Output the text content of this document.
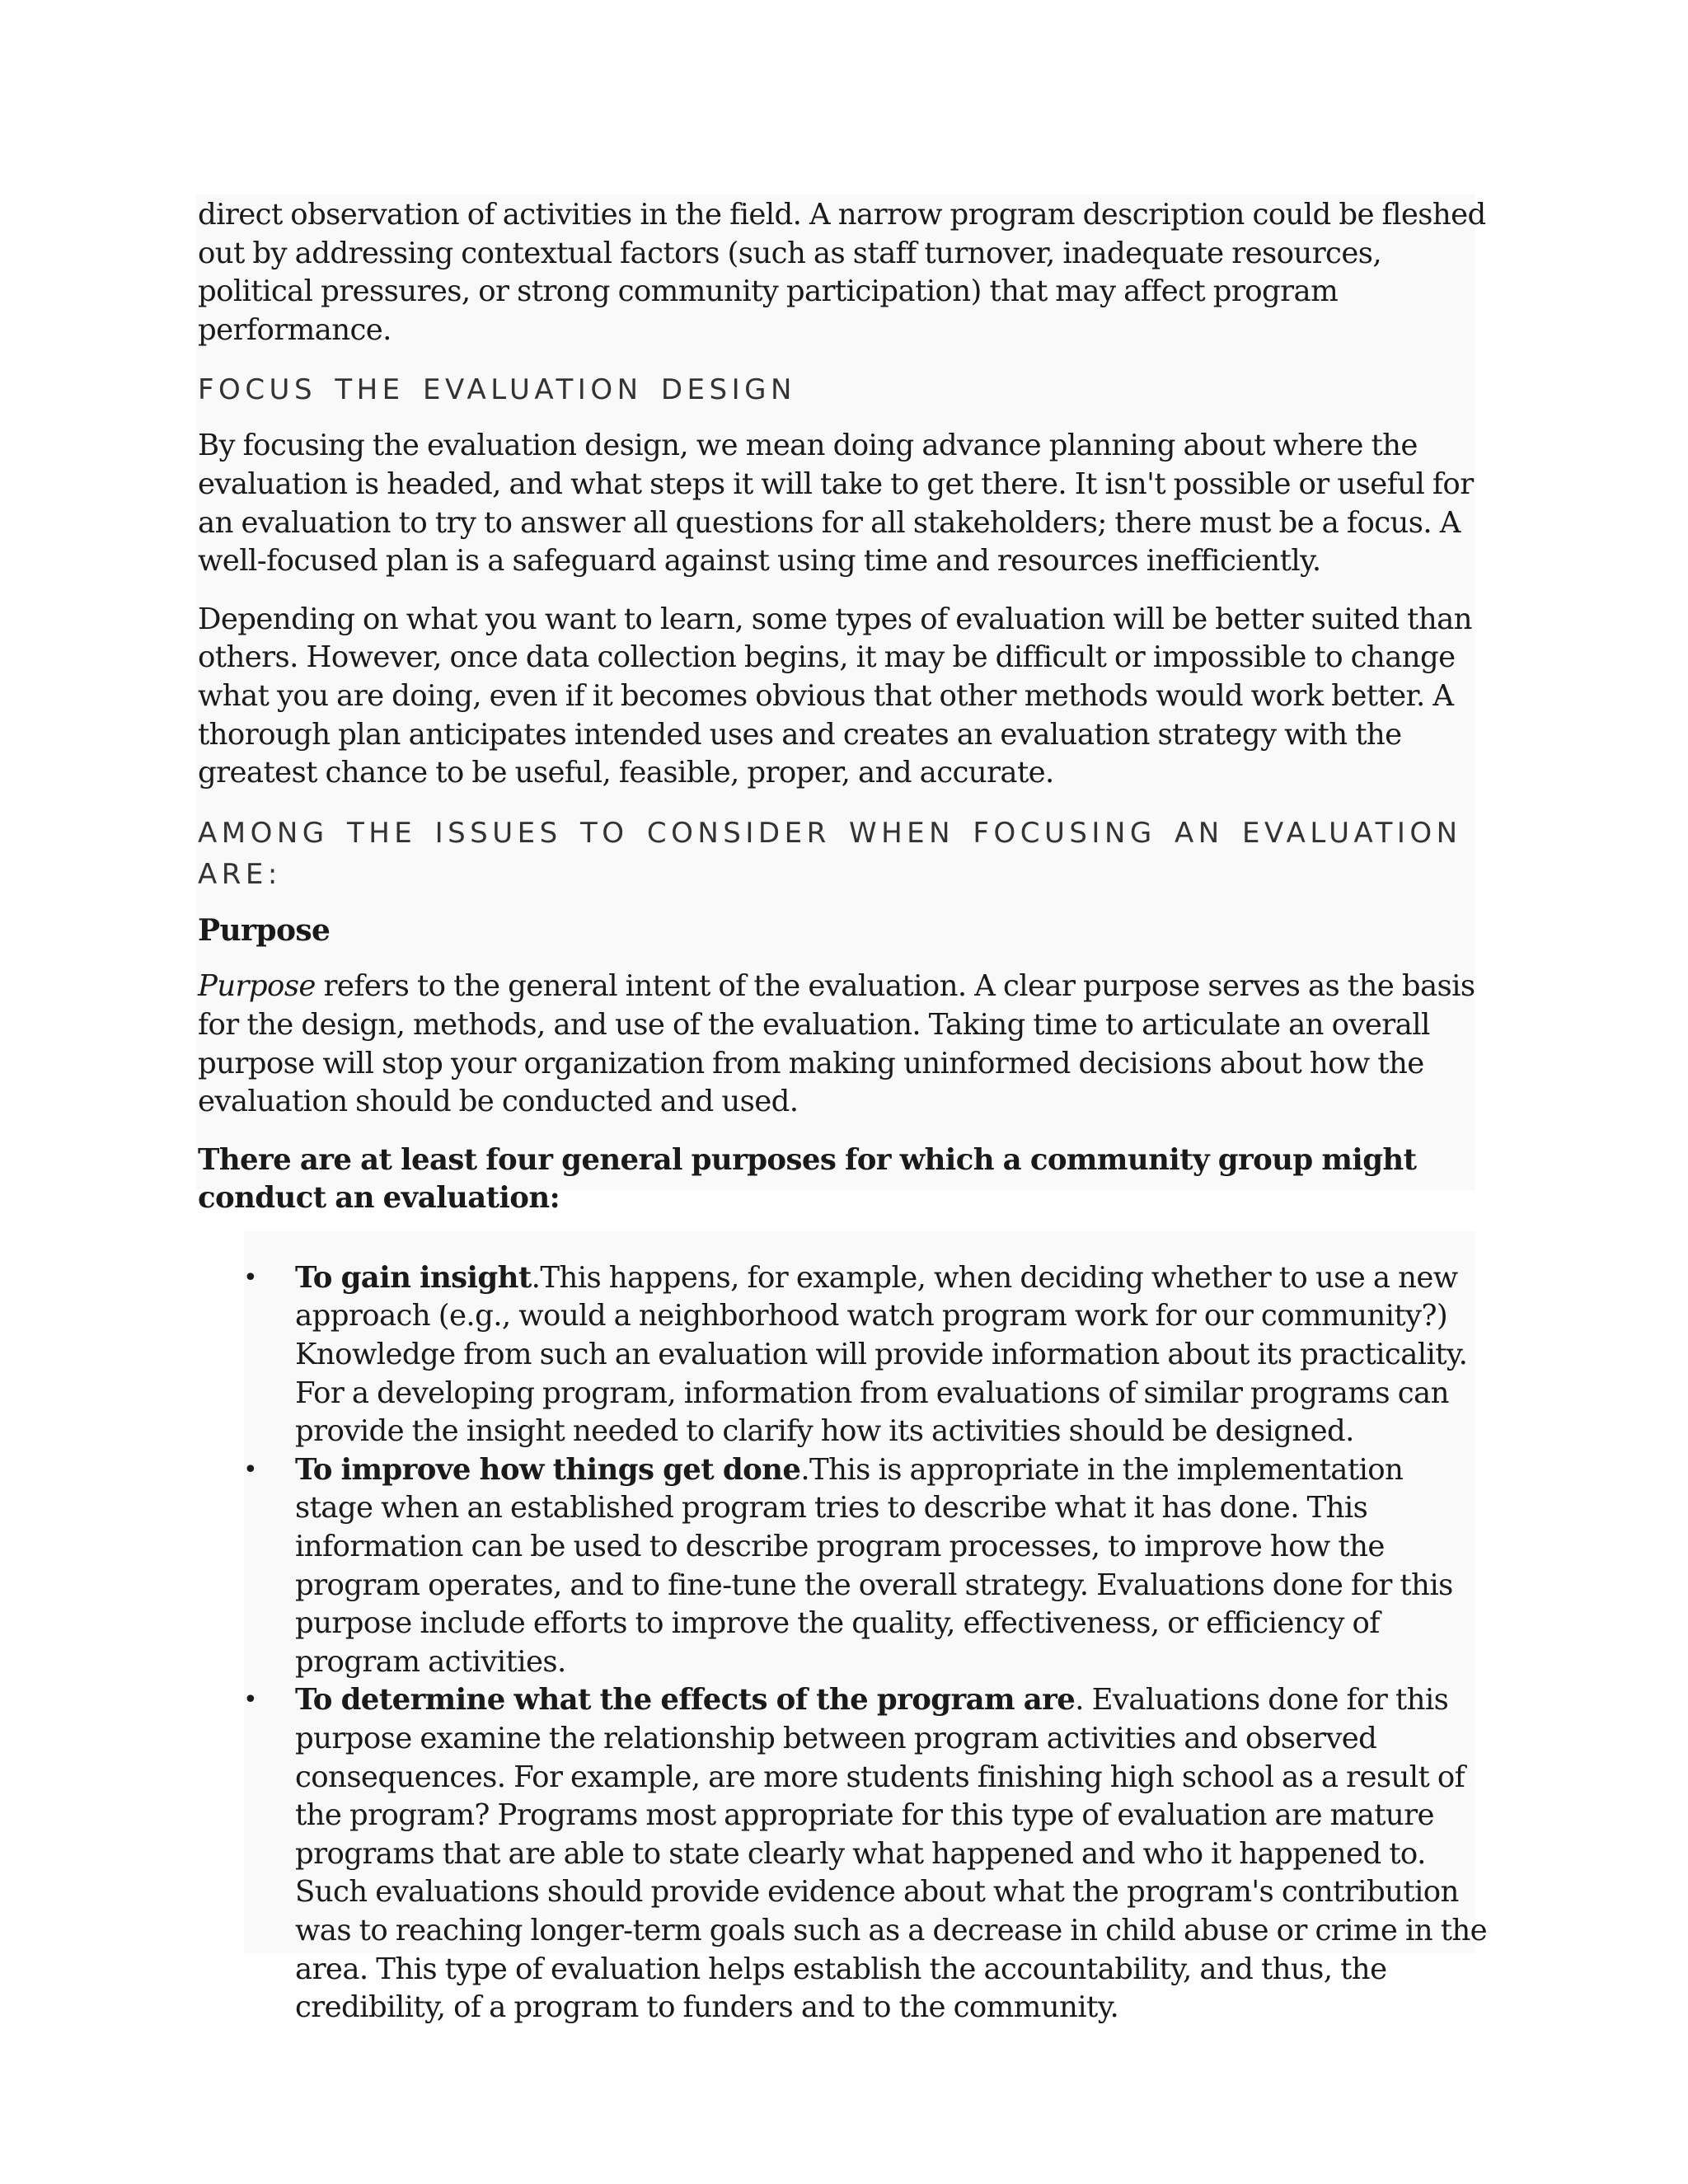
direct observation of activities in the field. A narrow program description could be fleshed out by addressing contextual factors (such as staff turnover, inadequate resources, political pressures, or strong community participation) that may affect program performance.

FOCUS THE EVALUATION DESIGN

By focusing the evaluation design, we mean doing advance planning about where the evaluation is headed, and what steps it will take to get there. It isn't possible or useful for an evaluation to try to answer all questions for all stakeholders; there must be a focus. A well-focused plan is a safeguard against using time and resources inefficiently.

Depending on what you want to learn, some types of evaluation will be better suited than others. However, once data collection begins, it may be difficult or impossible to change what you are doing, even if it becomes obvious that other methods would work better. A thorough plan anticipates intended uses and creates an evaluation strategy with the greatest chance to be useful, feasible, proper, and accurate.

AMONG THE ISSUES TO CONSIDER WHEN FOCUSING AN EVALUATION ARE:
Purpose

Purpose refers to the general intent of the evaluation. A clear purpose serves as the basis for the design, methods, and use of the evaluation. Taking time to articulate an overall purpose will stop your organization from making uninformed decisions about how the evaluation should be conducted and used.

There are at least four general purposes for which a community group might conduct an evaluation:

• To gain insight.This happens, for example, when deciding whether to use a new approach (e.g., would a neighborhood watch program work for our community?) Knowledge from such an evaluation will provide information about its practicality. For a developing program, information from evaluations of similar programs can provide the insight needed to clarify how its activities should be designed.
• To improve how things get done.This is appropriate in the implementation stage when an established program tries to describe what it has done. This information can be used to describe program processes, to improve how the program operates, and to fine-tune the overall strategy. Evaluations done for this purpose include efforts to improve the quality, effectiveness, or efficiency of program activities.
• To determine what the effects of the program are. Evaluations done for this purpose examine the relationship between program activities and observed consequences. For example, are more students finishing high school as a result of the program? Programs most appropriate for this type of evaluation are mature programs that are able to state clearly what happened and who it happened to. Such evaluations should provide evidence about what the program's contribution was to reaching longer-term goals such as a decrease in child abuse or crime in the area. This type of evaluation helps establish the accountability, and thus, the credibility, of a program to funders and to the community.
